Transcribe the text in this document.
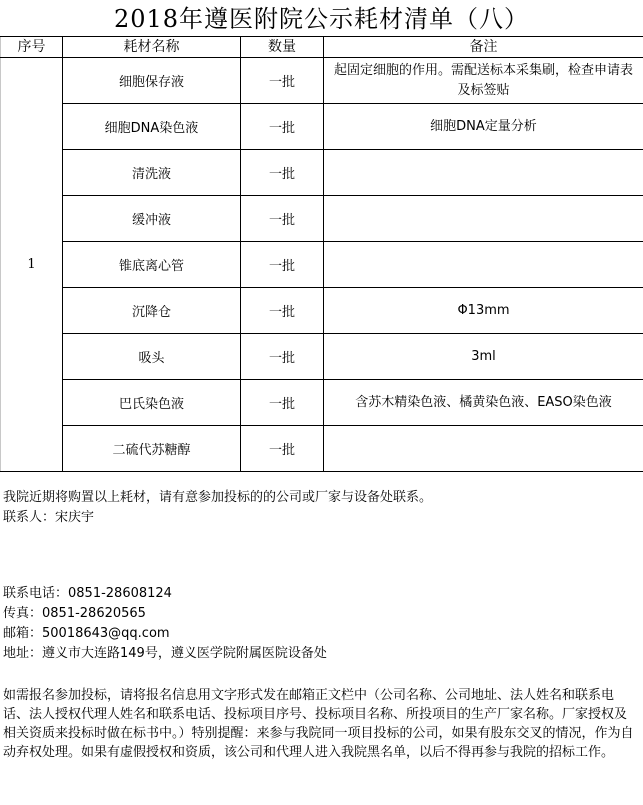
2018年遵医附院公示耗材清单（八）
序号	耗材名称	数量	备注
1	细胞保存液	一批	起固定细胞的作用。需配送标本采集刷，检查申请表及标签贴
	细胞DNA染色液	一批	细胞DNA定量分析
	清洗液	一批	
	缓冲液	一批	
	锥底离心管	一批	
	沉降仓	一批	Φ13mm
	吸头	一批	3ml
	巴氏染色液	一批	含苏木精染色液、橘黄染色液、EASO染色液
	二硫代苏糖醇	一批	
我院近期将购置以上耗材，请有意参加投标的的公司或厂家与设备处联系。
联系人：宋庆宇
联系电话：0851-28608124
传真：0851-28620565
邮箱：50018643@qq.com
地址：遵义市大连路149号，遵义医学院附属医院设备处
如需报名参加投标，请将报名信息用文字形式发在邮箱正文栏中（公司名称、公司地址、法人姓名和联系电话、法人授权代理人姓名和联系电话、投标项目序号、投标项目名称、所投项目的生产厂家名称。厂家授权及相关资质来投标时做在标书中。）特别提醒：来参与我院同一项目投标的公司，如果有股东交叉的情况，作为自动弃权处理。如果有虚假授权和资质，该公司和代理人进入我院黑名单，以后不得再参与我院的招标工作。
